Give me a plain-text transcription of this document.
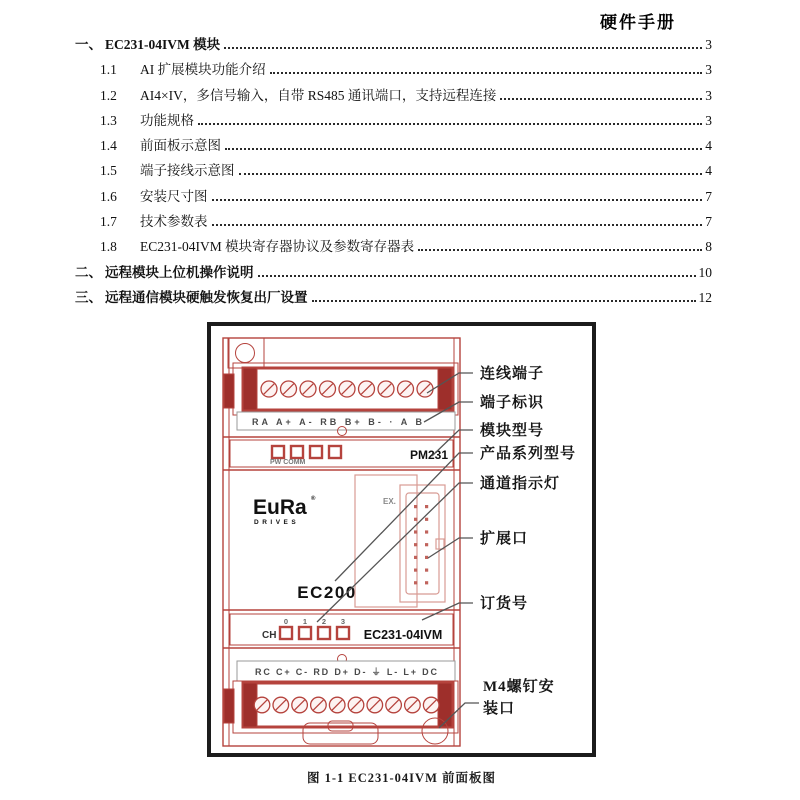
硬件手册
一、 EC231-04IVM 模块	3
1.1	AI 扩展模块功能介绍	3
1.2	AI4×IV，多信号输入，自带 RS485 通讯端口，支持远程连接	3
1.3	功能规格	3
1.4	前面板示意图	4
1.5	端子接线示意图	4
1.6	安装尺寸图	7
1.7	技术参数表	7
1.8	EC231-04IVM 模块寄存器协议及参数寄存器表	8
二、 远程模块上位机操作说明	10
三、 远程通信模块硬触发恢复出厂设置	12
RA A+ A- RB B+ B- · A B
PW COMM
PM231
EuRa ®
DRIVES
EC200
EX.
0 1 2 3
CH	EC231-04IVM
RC C+ C- RD D+ D- ⏚ L- L+ DC
连线端子
端子标识
模块型号
产品系列型号
通道指示灯
扩展口
订货号
M4螺钉安
装口
图 1-1 EC231-04IVM 前面板图
